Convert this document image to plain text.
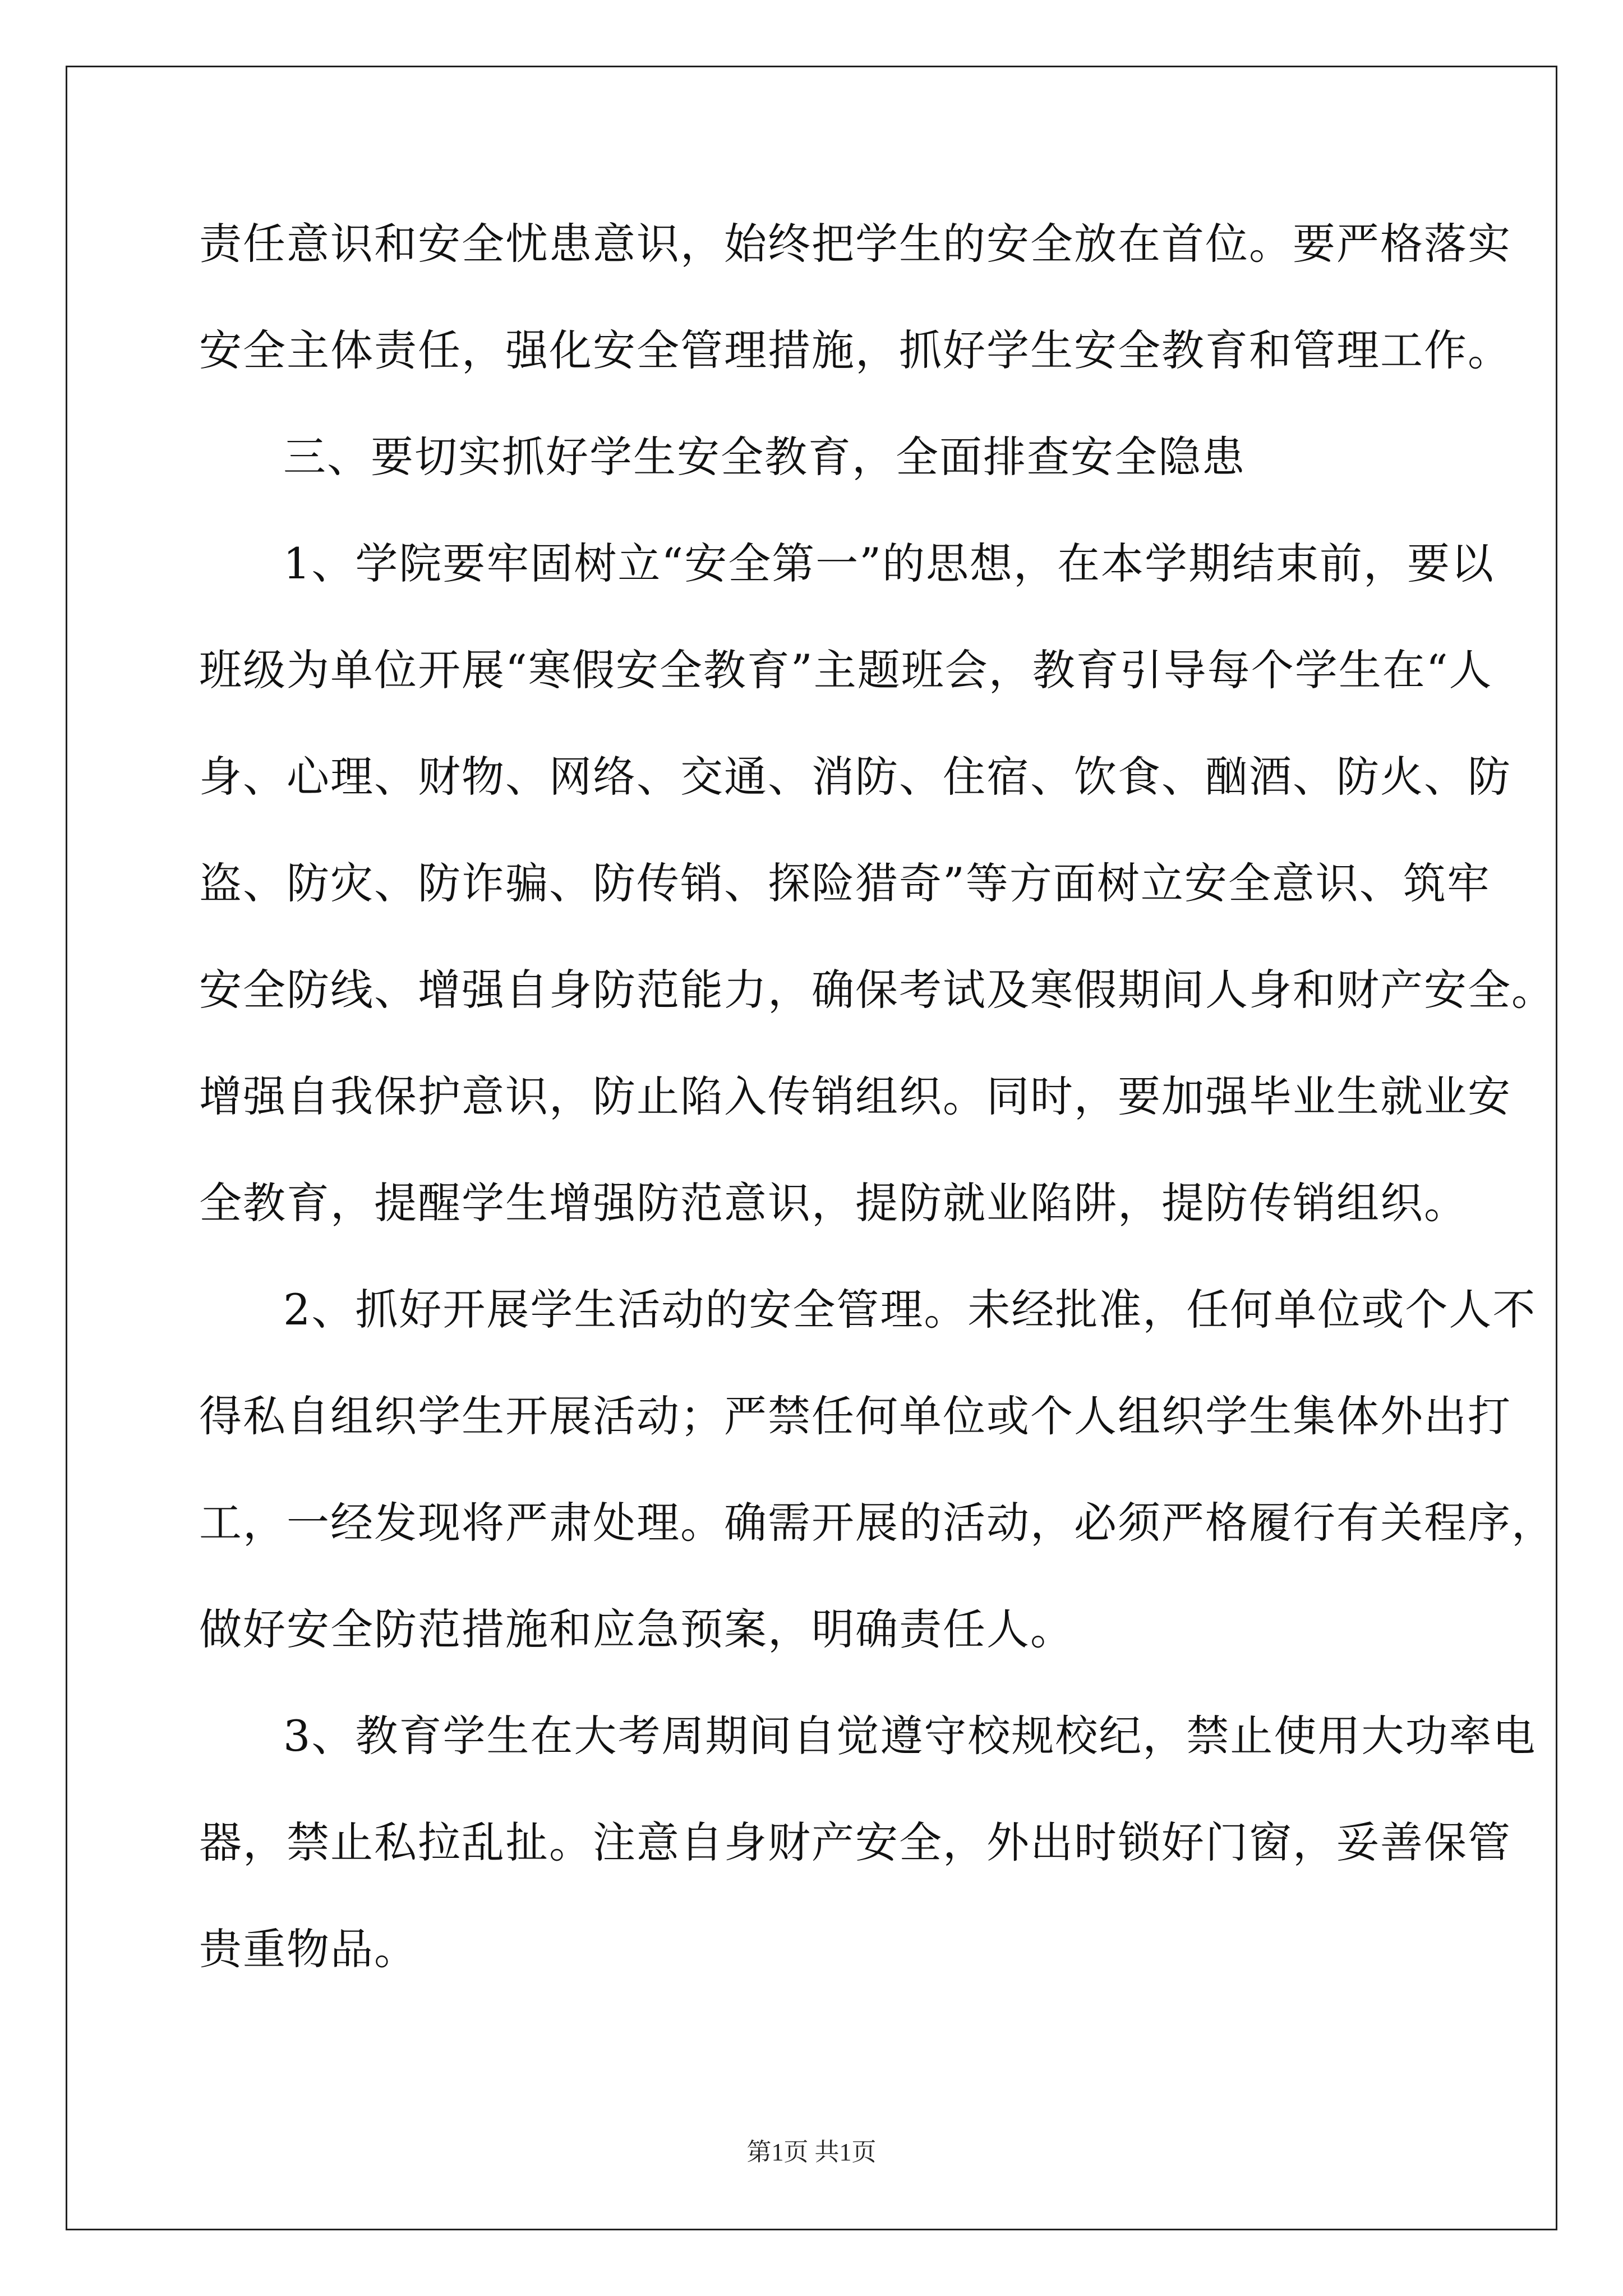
责任意识和安全忧患意识，始终把学生的安全放在首位。要严格落实
安全主体责任，强化安全管理措施，抓好学生安全教育和管理工作。
三、要切实抓好学生安全教育，全面排查安全隐患
1、学院要牢固树立“安全第一”的思想，在本学期结束前，要以
班级为单位开展“寒假安全教育”主题班会，教育引导每个学生在“人
身、心理、财物、网络、交通、消防、住宿、饮食、酗酒、防火、防
盗、防灾、防诈骗、防传销、探险猎奇”等方面树立安全意识、筑牢
安全防线、增强自身防范能力，确保考试及寒假期间人身和财产安全。
增强自我保护意识，防止陷入传销组织。同时，要加强毕业生就业安
全教育，提醒学生增强防范意识，提防就业陷阱，提防传销组织。
2、抓好开展学生活动的安全管理。未经批准，任何单位或个人不
得私自组织学生开展活动；严禁任何单位或个人组织学生集体外出打
工，一经发现将严肃处理。确需开展的活动，必须严格履行有关程序，
做好安全防范措施和应急预案，明确责任人。
3、教育学生在大考周期间自觉遵守校规校纪，禁止使用大功率电
器，禁止私拉乱扯。注意自身财产安全，外出时锁好门窗，妥善保管
贵重物品。
第1页 共1页
